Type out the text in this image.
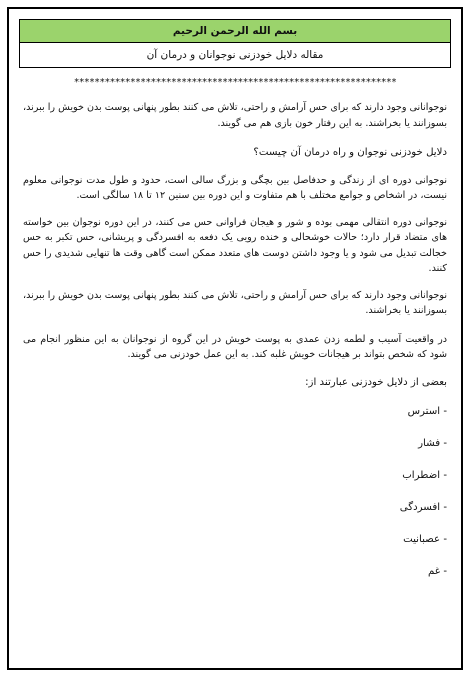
بسم الله الرحمن الرحیم
مقاله دلایل خودزنی نوجوانان و درمان آن
***************************************************************

نوجوانانی وجود دارند که برای حس آرامش و راحتی، تلاش می کنند بطور پنهانی پوست بدن خویش را ببرند، بسوزانند یا بخراشند. به این رفتار خون بازی هم می گویند.

دلایل خودزنی نوجوان و راه درمان آن چیست؟

نوجوانی دوره ای از زندگی و حدفاصل بین بچگی و بزرگ سالی است، حدود و طول مدت نوجوانی معلوم نیست، در اشخاص و جوامع مختلف با هم متفاوت و این دوره بین سنین ۱۲ تا ۱۸ سالگی است.

نوجوانی دوره انتقالی مهمی بوده و شور و هیجان فراوانی حس می کنند، در این دوره نوجوان بین خواسته های متضاد قرار دارد؛ حالات خوشحالی و خنده رویی یک دفعه به افسردگی و پریشانی، حس تکبر به حس خجالت تبدیل می شود و یا وجود داشتن دوست های متعدد ممکن است گاهی وقت ها تنهایی شدیدی را حس کنند.

نوجوانانی وجود دارند که برای حس آرامش و راحتی، تلاش می کنند بطور پنهانی پوست بدن خویش را ببرند، بسوزانند یا بخراشند.

در واقعیت آسیب و لطمه زدن عمدی به پوست خویش در این گروه از نوجوانان به این منظور انجام می شود که شخص بتواند بر هیجانات خویش غلبه کند. به این عمل خودزنی می گویند.

بعضی از دلایل خودزنی عبارتند از:

- استرس
- فشار
- اضطراب
- افسردگی
- عصبانیت
- غم
